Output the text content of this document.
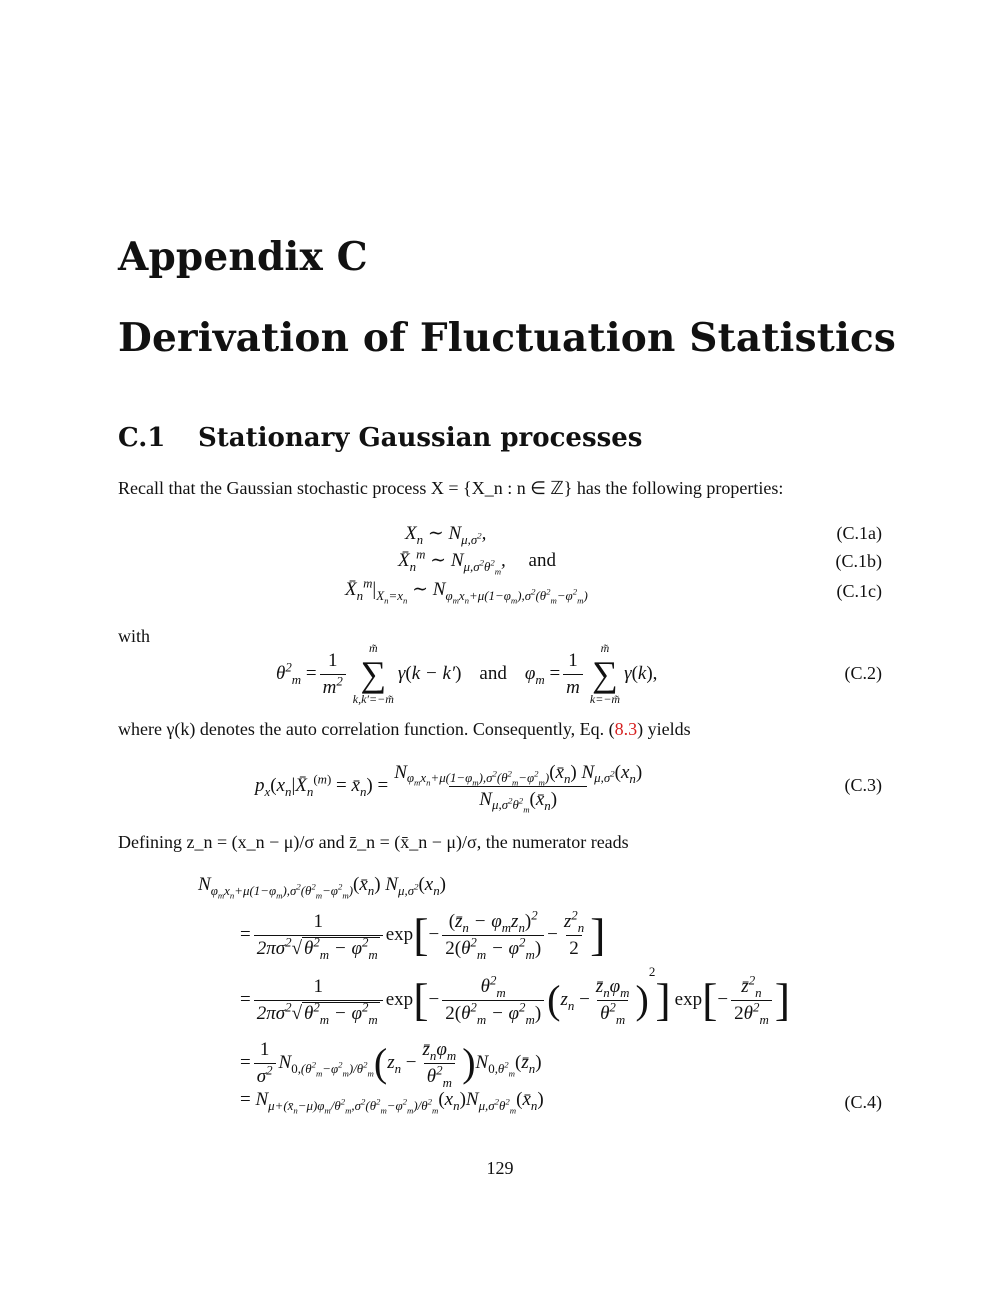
Appendix C
Derivation of Fluctuation Statistics
C.1 Stationary Gaussian processes
Recall that the Gaussian stochastic process X = {X_n : n ∈ ℤ} has the following properties:
$X_n$ ∼ $N_{\mu,\sigma^2}$,	(C.1a)
$X̄_n^m$ ∼ $N_{\mu,\sigma^2\theta^2_m}$, and	(C.1b)
$X̄_n^m|_{X_n=x_n}$ ∼ $N_{\varphi_mx_n+\mu(1-\varphi_m),\sigma^2(\theta^2_m-\varphi^2_m)}$	(C.1c)
with
$\theta^2_m = \frac{1}{m^2}$
m̃
∑
k,k′=−m̃
γ(k − k′) and $\varphi_m = \frac{1}{m}$
m̃
∑
k=−m̃
γ(k),	(C.2)
where γ(k) denotes the auto correlation function. Consequently, Eq. (8.3) yields
$p_x(x_n|X̄_n^{(m)}$ = $x̄_n) = \frac{N_{\varphi_mx_n+\mu(1-\varphi_m),\sigma^2(\theta^2_m-\varphi^2_m)}(x̄_n) N_{\mu,\sigma^2}(x_n)}{N_{\mu,\sigma^2\theta^2_m}(x̄_n)}$	(C.3)
Defining z_n = (x_n − μ)/σ and z̄_n = (x̄_n − μ)/σ, the numerator reads
$N_{\varphi_mx_n+\mu(1-\varphi_m),\sigma^2(\theta^2_m-\varphi^2_m)}(x̄_n)$ $N_{\mu,\sigma^2}(x_n)$
= $\frac{1}{2\pi\sigma^2√ \theta^2_m - \varphi^2_m}$ exp [ − $\frac{(z̄_n - \varphi_mz_n)^2}{2(\theta^2_m - \varphi^2_m)} - \frac{z^2_n}{2}$ ]
= $\frac{1}{2\pi\sigma^2√ \theta^2_m - \varphi^2_m}$ exp [ − $\frac{\theta^2_m}{2(\theta^2_m - \varphi^2_m)}$ ( $z_n - \frac{z̄_n\varphi_m}{\theta^2_m}$ )
2
] exp [ − $\frac{z̄^2_n}{2\theta^2_m}$ ]
= $\frac{1}{\sigma^2} N_{0,(\theta^2_m-\varphi^2_m)/\theta^2_m}$ ( $z_n - \frac{z̄_n\varphi_m}{\theta^2_m}$ ) $N_{0,\theta^2_m}(z̄_n)$
= $N_{\mu+(x̄_n-\mu)\varphi_m/\theta^2_m,\sigma^2(\theta^2_m-\varphi^2_m)/\theta^2_m}(x_n)N_{\mu,\sigma^2\theta^2_m}(x̄_n)$	(C.4)
129
